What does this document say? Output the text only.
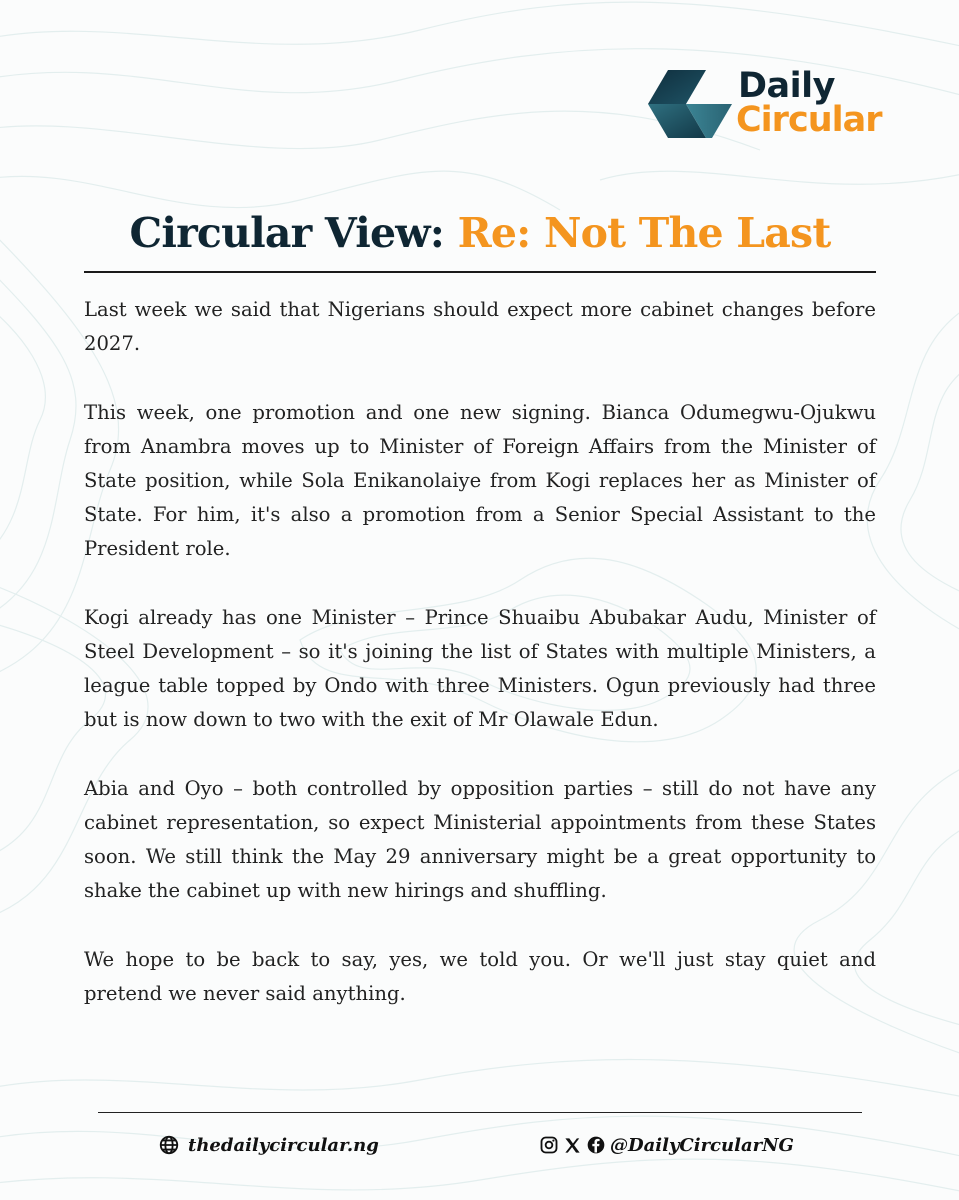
Daily
Circular
Circular View: Re: Not The Last

Last week we said that Nigerians should expect more cabinet changes before 2027.

This week, one promotion and one new signing. Bianca Odumegwu-Ojukwu from Anambra moves up to Minister of Foreign Affairs from the Minister of State position, while Sola Enikanolaiye from Kogi replaces her as Minister of State. For him, it's also a promotion from a Senior Special Assistant to the President role.

Kogi already has one Minister – Prince Shuaibu Abubakar Audu, Minister of Steel Development – so it's joining the list of States with multiple Ministers, a league table topped by Ondo with three Ministers. Ogun previously had three but is now down to two with the exit of Mr Olawale Edun.

Abia and Oyo – both controlled by opposition parties – still do not have any cabinet representation, so expect Ministerial appointments from these States soon. We still think the May 29 anniversary might be a great opportunity to shake the cabinet up with new hirings and shuffling.

We hope to be back to say, yes, we told you. Or we'll just stay quiet and pretend we never said anything.

thedailycircular.ng	@DailyCircularNG
